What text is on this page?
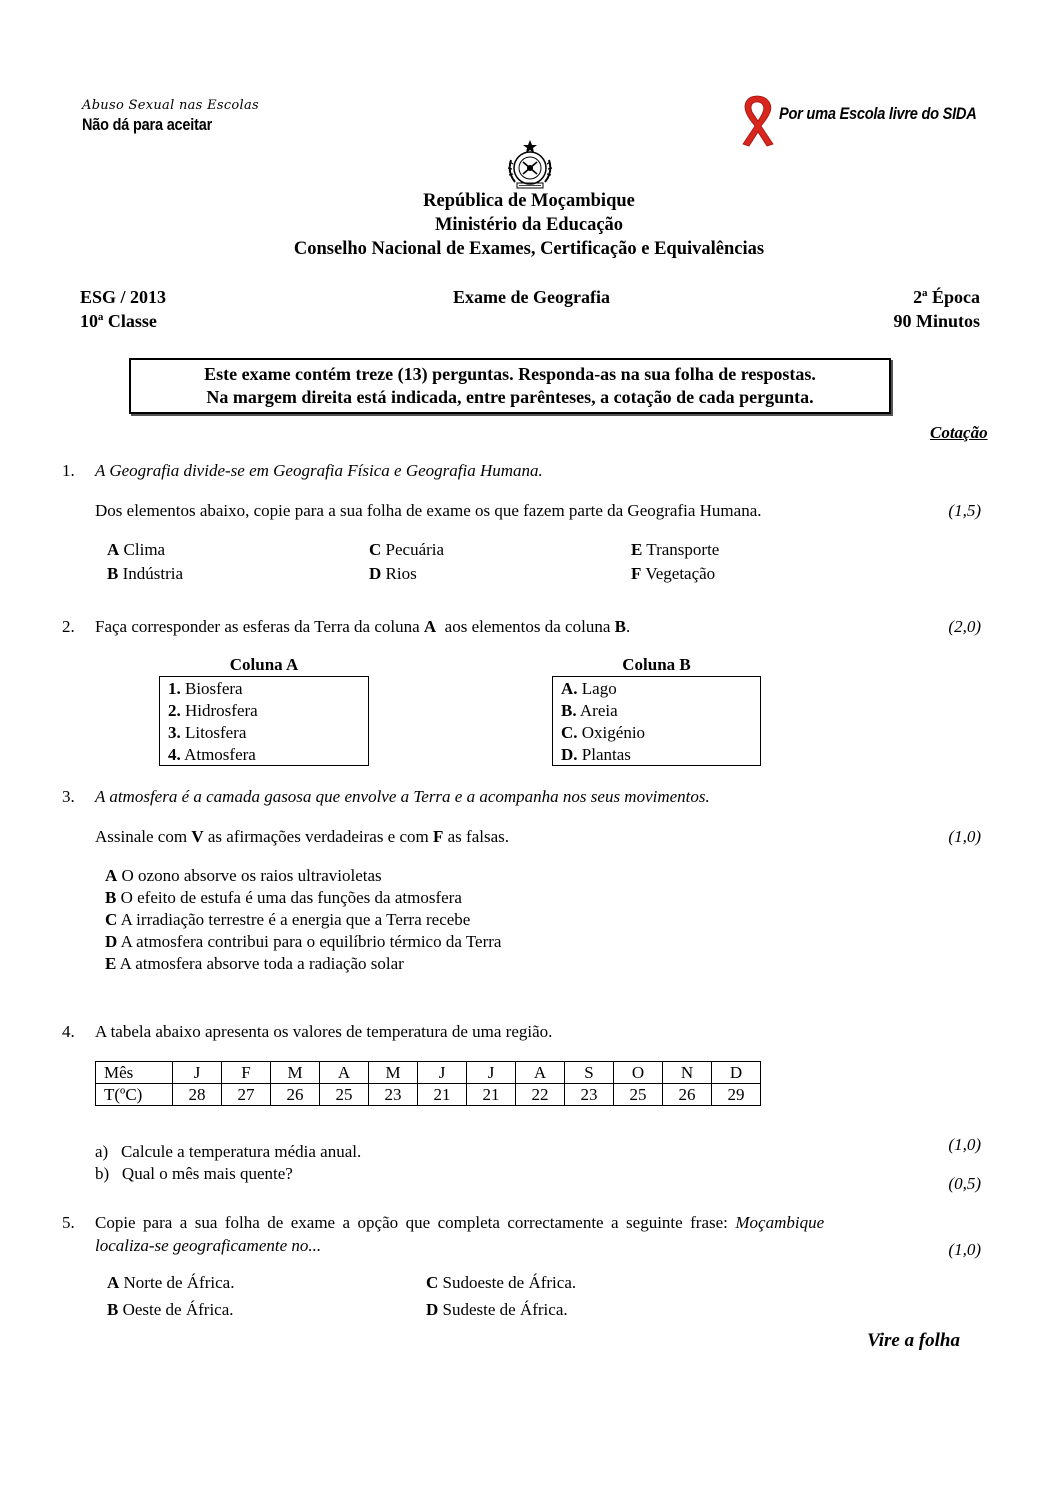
Abuso Sexual nas Escolas
Não dá para aceitar
Por uma Escola livre do SIDA
República de Moçambique
Ministério da Educação
Conselho Nacional de Exames, Certificação e Equivalências
ESG / 2013
10ª Classe
Exame de Geografia	2ª Época
90 Minutos
Este exame contém treze (13) perguntas. Responda-as na sua folha de respostas.
Na margem direita está indicada, entre parênteses, a cotação de cada pergunta.
Cotação
1. A Geografia divide-se em Geografia Física e Geografia Humana.
Dos elementos abaixo, copie para a sua folha de exame os que fazem parte da Geografia Humana.	(1,5)
A Clima
B Indústria
C Pecuária
D Rios
E Transporte
F Vegetação
2. Faça corresponder as esferas da Terra da coluna A  aos elementos da coluna B.	(2,0)
Coluna A
1. Biosfera
2. Hidrosfera
3. Litosfera
4. Atmosfera
Coluna B
A. Lago
B. Areia
C. Oxigénio
D. Plantas
3. A atmosfera é a camada gasosa que envolve a Terra e a acompanha nos seus movimentos.
Assinale com V as afirmações verdadeiras e com F as falsas.	(1,0)
A O ozono absorve os raios ultravioletas
B O efeito de estufa é uma das funções da atmosfera
C A irradiação terrestre é a energia que a Terra recebe
D A atmosfera contribui para o equilíbrio térmico da Terra
E A atmosfera absorve toda a radiação solar
4. A tabela abaixo apresenta os valores de temperatura de uma região.
Mês	J	F	M	A	M	J	J	A	S	O	N	D
T(ºC)	28	27	26	25	23	21	21	22	23	25	26	29
a) Calcule a temperatura média anual.	(1,0)
b) Qual o mês mais quente?
(0,5)
5. Copie para a sua folha de exame a opção que completa correctamente a seguinte frase: Moçambique
localiza-se geograficamente no...	(1,0)
A Norte de África.
B Oeste de África.
C Sudoeste de África.
D Sudeste de África.
Vire a folha
